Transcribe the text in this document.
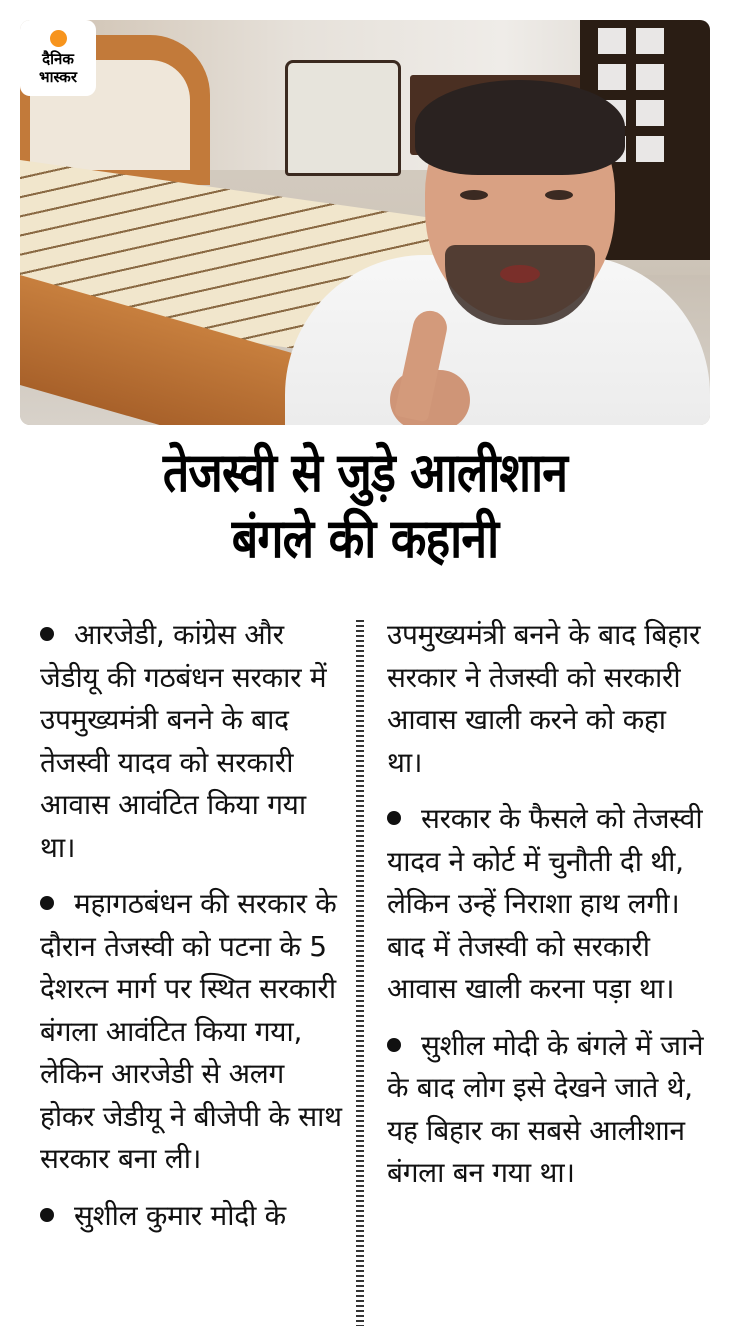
दैनिक
भास्कर
तेजस्वी से जुड़े आलीशान
बंगले की कहानी

आरजेडी, कांग्रेस और जेडीयू की गठबंधन सरकार में उपमुख्यमंत्री बनने के बाद तेजस्वी यादव को सरकारी आवास आवंटित किया गया था।

महागठबंधन की सरकार के दौरान तेजस्वी को पटना के 5 देशरत्न मार्ग पर स्थित सरकारी बंगला आवंटित किया गया, लेकिन आरजेडी से अलग होकर जेडीयू ने बीजेपी के साथ सरकार बना ली।

सुशील कुमार मोदी के

उपमुख्यमंत्री बनने के बाद बिहार सरकार ने तेजस्वी को सरकारी आवास खाली करने को कहा था।

सरकार के फैसले को तेजस्वी यादव ने कोर्ट में चुनौती दी थी, लेकिन उन्हें निराशा हाथ लगी। बाद में तेजस्वी को सरकारी आवास खाली करना पड़ा था।

सुशील मोदी के बंगले में जाने के बाद लोग इसे देखने जाते थे, यह बिहार का सबसे आलीशान बंगला बन गया था।
